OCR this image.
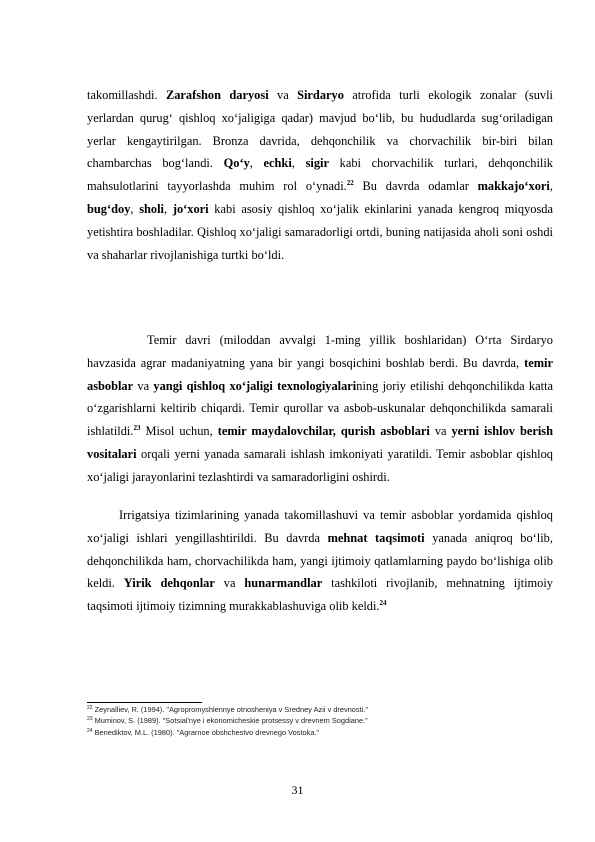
takomillashdi. Zarafshon daryosi va Sirdaryo atrofida turli ekologik zonalar (suvli yerlardan qurug‘ qishloq xo‘jaligiga qadar) mavjud bo‘lib, bu hududlarda sug‘oriladigan yerlar kengaytirilgan. Bronza davrida, dehqonchilik va chorvachilik bir-biri bilan chambarchas bog‘landi. Qo‘y, echki, sigir kabi chorvachilik turlari, dehqonchilik mahsulotlarini tayyorlashda muhim rol o‘ynadi.$^{22}$ Bu davrda odamlar makkajo‘xori, bug‘doy, sholi, jo‘xori kabi asosiy qishloq xo‘jalik ekinlarini yanada kengroq miqyosda yetishtira boshladilar. Qishloq xo‘jaligi samaradorligi ortdi, buning natijasida aholi soni oshdi va shaharlar rivojlanishiga turtki bo‘ldi.

Temir davri (miloddan avvalgi 1-ming yillik boshlaridan) O‘rta Sirdaryo havzasida agrar madaniyatning yana bir yangi bosqichini boshlab berdi. Bu davrda, temir asboblar va yangi qishloq xo‘jaligi texnologiyalarining joriy etilishi dehqonchilikda katta o‘zgarishlarni keltirib chiqardi. Temir qurollar va asbob-uskunalar dehqonchilikda samarali ishlatildi.$^{23}$ Misol uchun, temir maydalovchilar, qurish asboblari va yerni ishlov berish vositalari orqali yerni yanada samarali ishlash imkoniyati yaratildi. Temir asboblar qishloq xo‘jaligi jarayonlarini tezlashtirdi va samaradorligini oshirdi.

Irrigatsiya tizimlarining yanada takomillashuvi va temir asboblar yordamida qishloq xo‘jaligi ishlari yengillashtirildi. Bu davrda mehnat taqsimoti yanada aniqroq bo‘lib, dehqonchilikda ham, chorvachilikda ham, yangi ijtimoiy qatlamlarning paydo bo‘lishiga olib keldi. Yirik dehqonlar va hunarmandlar tashkiloti rivojlanib, mehnatning ijtimoiy taqsimoti ijtimoiy tizimning murakkablashuviga olib keldi.$^{24}$

$^{22}$ Zeynalliev, R. (1994). "Agropromyshlennye otnosheniya v Sredney Azii v drevnosti."
$^{23}$ Muminov, S. (1989). "Sotsial'nye i ekonomicheskie protsessy v drevnem Sogdiane."
$^{24}$ Benediktov, M.L. (1980). "Agrarnoe obshchestvo drevnego Vostoka."
31
